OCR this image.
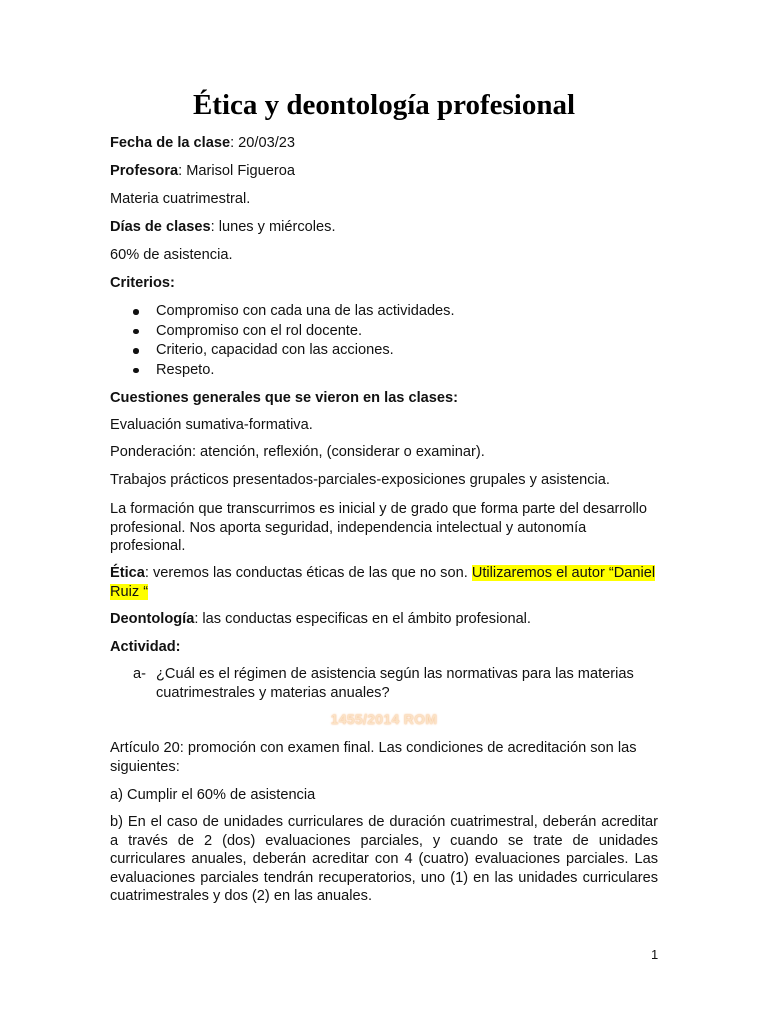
Ética y deontología profesional

Fecha de la clase: 20/03/23

Profesora: Marisol Figueroa

Materia cuatrimestral.

Días de clases: lunes y miércoles.

60% de asistencia.

Criterios:

Compromiso con cada una de las actividades.
Compromiso con el rol docente.
Criterio, capacidad con las acciones.
Respeto.

Cuestiones generales que se vieron en las clases:

Evaluación sumativa-formativa.

Ponderación: atención, reflexión, (considerar o examinar).

Trabajos prácticos presentados-parciales-exposiciones grupales y asistencia.

La formación que transcurrimos es inicial y de grado que forma parte del desarrollo profesional. Nos aporta seguridad, independencia intelectual y autonomía profesional.

Ética: veremos las conductas éticas de las que no son. Utilizaremos el autor “Daniel Ruiz “

Deontología: las conductas especificas en el ámbito profesional.

Actividad:

a- ¿Cuál es el régimen de asistencia según las normativas para las materias cuatrimestrales y materias anuales?
1455/2014 ROM

Artículo 20: promoción con examen final. Las condiciones de acreditación son las siguientes:

a) Cumplir el 60% de asistencia

b) En el caso de unidades curriculares de duración cuatrimestral, deberán acreditar a través de 2 (dos) evaluaciones parciales, y cuando se trate de unidades curriculares anuales, deberán acreditar con 4 (cuatro) evaluaciones parciales. Las evaluaciones parciales tendrán recuperatorios, uno (1) en las unidades curriculares cuatrimestrales y dos (2) en las anuales.

1
